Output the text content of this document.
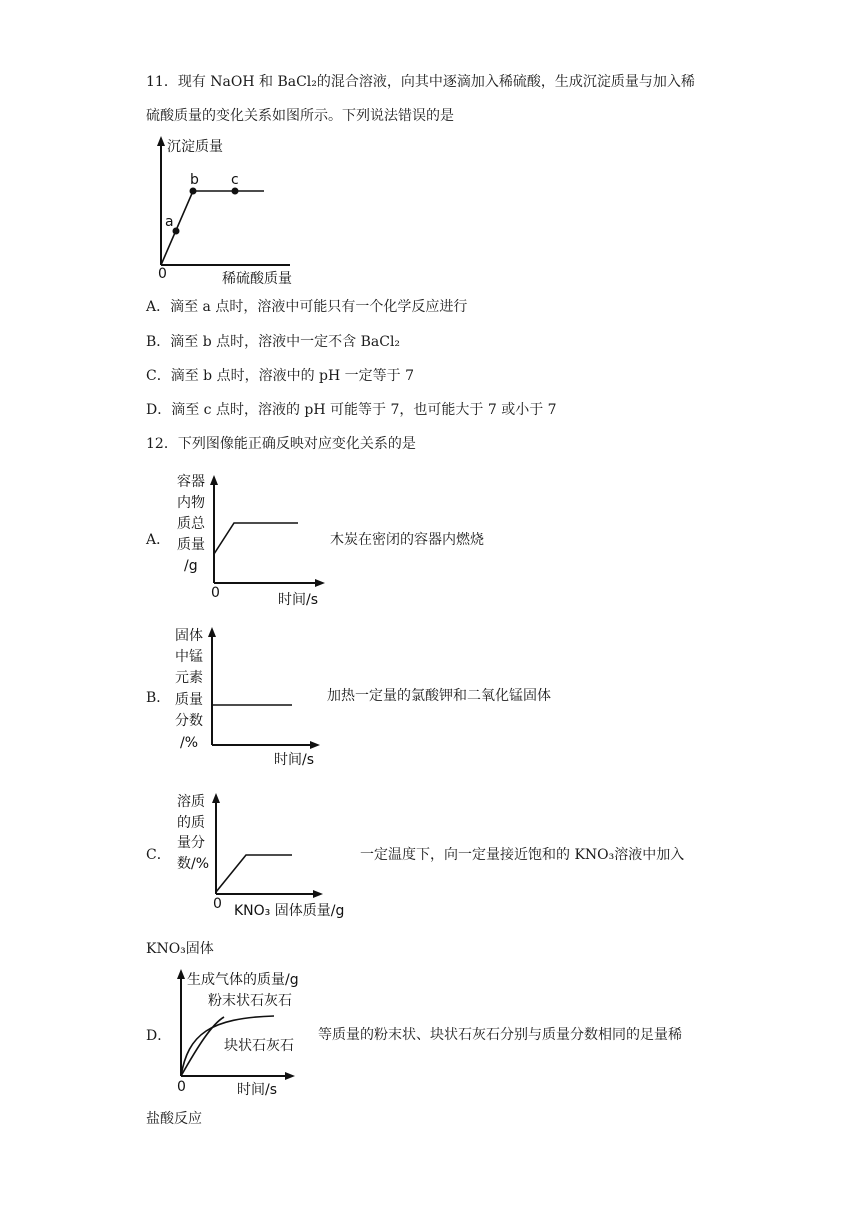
11．现有 NaOH 和 BaCl₂的混合溶液，向其中逐滴加入稀硫酸，生成沉淀质量与加入稀
硫酸质量的变化关系如图所示。下列说法错误的是
沉淀质量
0	稀硫酸质量
a
b c
A．滴至 a 点时，溶液中可能只有一个化学反应进行
B．滴至 b 点时，溶液中一定不含 BaCl₂
C．滴至 b 点时，溶液中的 pH 一定等于 7
D．滴至 c 点时，溶液的 pH 可能等于 7，也可能大于 7 或小于 7
12．下列图像能正确反映对应变化关系的是
A．
容器
内物
质总
质量
/g
0	时间/s
木炭在密闭的容器内燃烧
B．
固体
中锰
元素
质量
分数
/%
时间/s
加热一定量的氯酸钾和二氧化锰固体
C．
溶质
的质
量分
数/%
0 KNO₃ 固体质量/g
一定温度下，向一定量接近饱和的 KNO₃溶液中加入
KNO₃固体
D．
生成气体的质量/g
粉末状石灰石
块状石灰石
0	时间/s
等质量的粉末状、块状石灰石分别与质量分数相同的足量稀
盐酸反应
